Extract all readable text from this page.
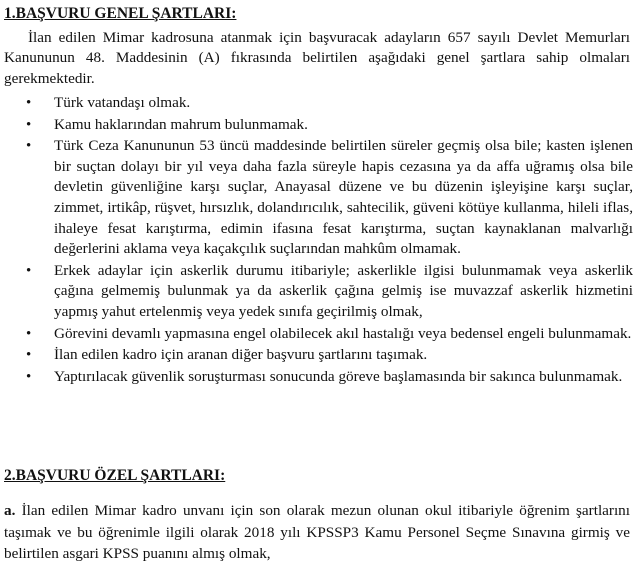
1.BAŞVURU GENEL ŞARTLARI:

İlan edilen Mimar kadrosuna atanmak için başvuracak adayların 657 sayılı Devlet Memurları Kanununun 48. Maddesinin (A) fıkrasında belirtilen aşağıdaki genel şartlara sahip olmaları gerekmektedir.

• Türk vatandaşı olmak.
• Kamu haklarından mahrum bulunmamak.
• Türk Ceza Kanununun 53 üncü maddesinde belirtilen süreler geçmiş olsa bile; kasten işlenen bir suçtan dolayı bir yıl veya daha fazla süreyle hapis cezasına ya da affa uğramış olsa bile devletin güvenliğine karşı suçlar, Anayasal düzene ve bu düzenin işleyişine karşı suçlar, zimmet, irtikâp, rüşvet, hırsızlık, dolandırıcılık, sahtecilik, güveni kötüye kullanma, hileli iflas, ihaleye fesat karıştırma, edimin ifasına fesat karıştırma, suçtan kaynaklanan malvarlığı değerlerini aklama veya kaçakçılık suçlarından mahkûm olmamak.
• Erkek adaylar için askerlik durumu itibariyle; askerlikle ilgisi bulunmamak veya askerlik çağına gelmemiş bulunmak ya da askerlik çağına gelmiş ise muvazzaf askerlik hizmetini yapmış yahut ertelenmiş veya yedek sınıfa geçirilmiş olmak,
• Görevini devamlı yapmasına engel olabilecek akıl hastalığı veya bedensel engeli bulunmamak.
• İlan edilen kadro için aranan diğer başvuru şartlarını taşımak.
• Yaptırılacak güvenlik soruşturması sonucunda göreve başlamasında bir sakınca bulunmamak.
2.BAŞVURU ÖZEL ŞARTLARI:

a. İlan edilen Mimar kadro unvanı için son olarak mezun olunan okul itibariyle öğrenim şartlarını taşımak ve bu öğrenimle ilgili olarak 2018 yılı KPSSP3 Kamu Personel Seçme Sınavına girmiş ve belirtilen asgari KPSS puanını almış olmak,
